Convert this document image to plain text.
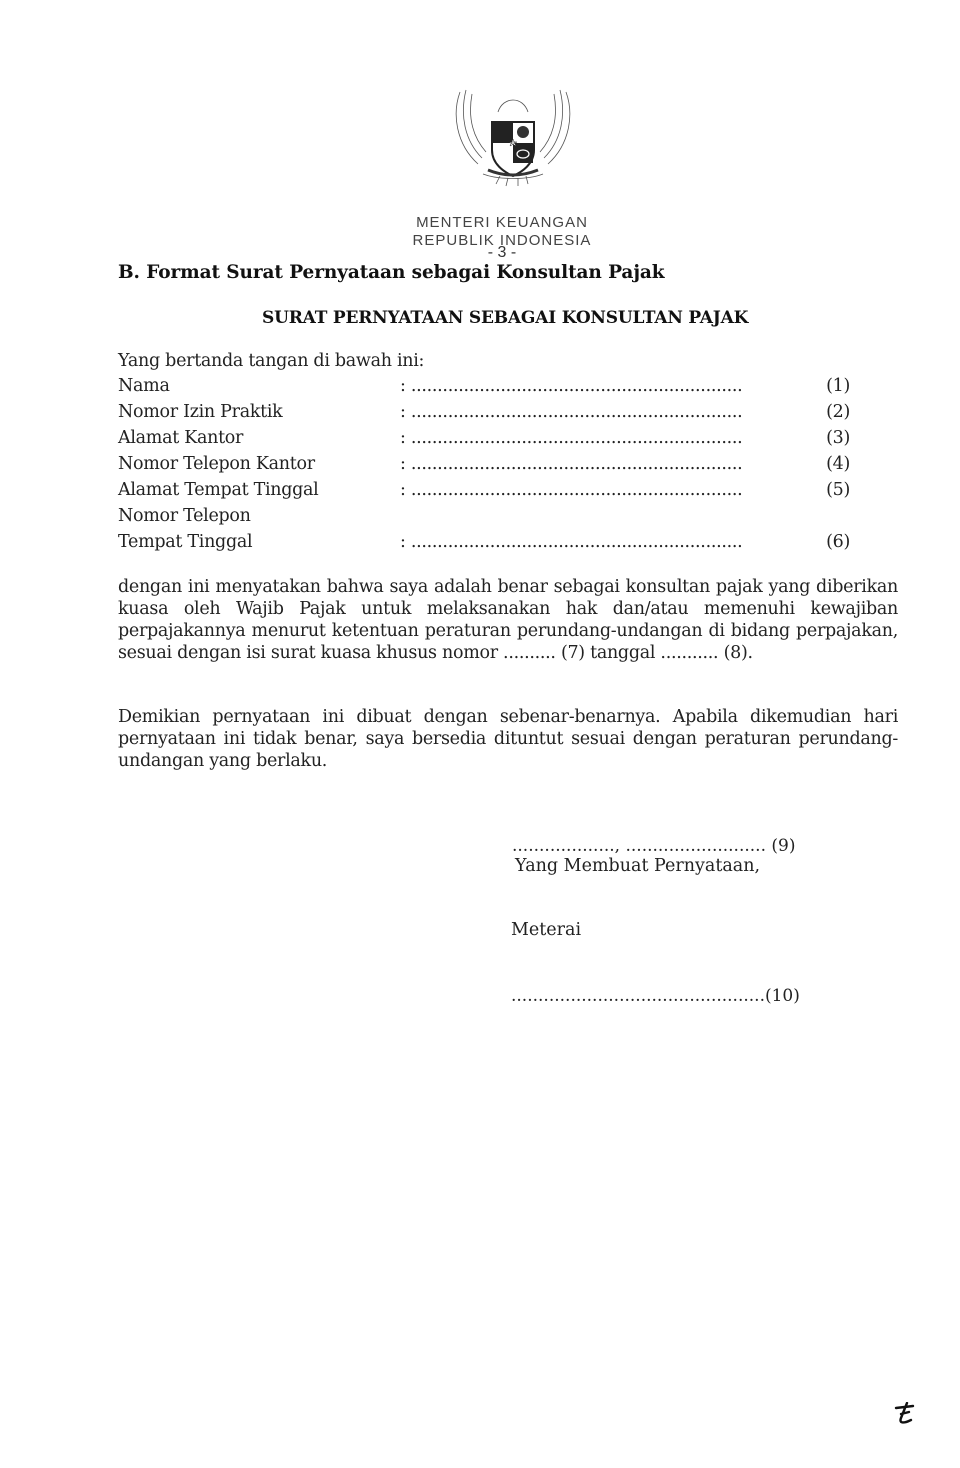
MENTERI KEUANGAN
REPUBLIK INDONESIA
- 3 -
B. Format Surat Pernyataan sebagai Konsultan Pajak
SURAT PERNYATAAN SEBAGAI KONSULTAN PAJAK
Yang bertanda tangan di bawah ini:
Nama	: ...............................................................	(1)
Nomor Izin Praktik	: ...............................................................	(2)
Alamat Kantor	: ...............................................................	(3)
Nomor Telepon Kantor	: ...............................................................	(4)
Alamat Tempat Tinggal	: ...............................................................	(5)
Nomor Telepon
Tempat Tinggal	: ...............................................................	(6)
dengan ini menyatakan bahwa saya adalah benar sebagai konsultan pajak yang diberikan kuasa oleh Wajib Pajak untuk melaksanakan hak dan/atau memenuhi kewajiban perpajakannya menurut ketentuan peraturan perundang-undangan di bidang perpajakan, sesuai dengan isi surat kuasa khusus nomor .......... (7) tanggal ........... (8).
Demikian pernyataan ini dibuat dengan sebenar-benarnya. Apabila dikemudian hari pernyataan ini tidak benar, saya bersedia dituntut sesuai dengan peraturan perundang-undangan yang berlaku.
..................., .......................... (9)
Yang Membuat Pernyataan,
Meterai
...............................................(10)
